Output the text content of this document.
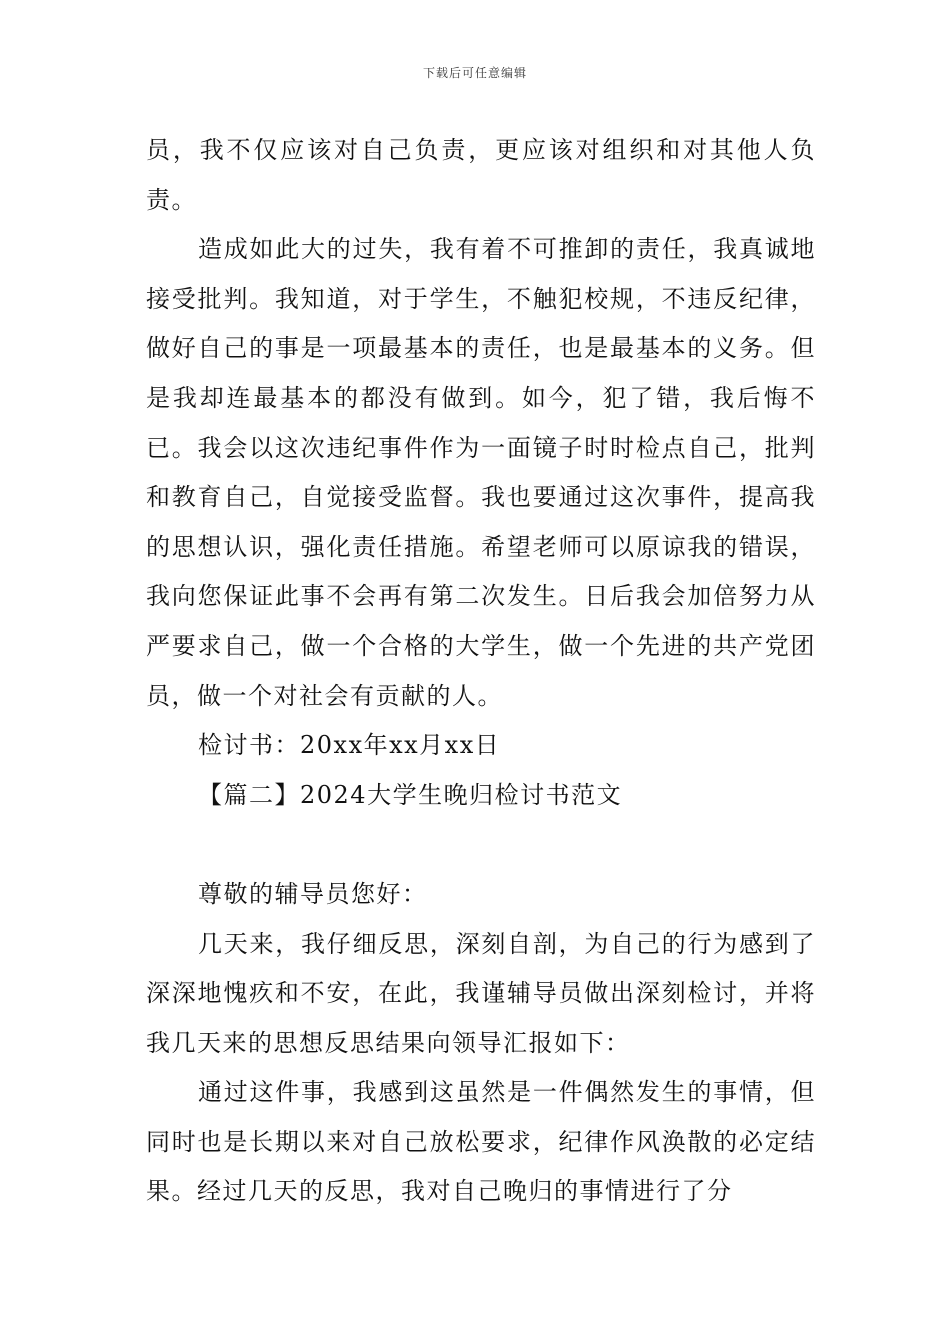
下载后可任意编辑

员，我不仅应该对自己负责，更应该对组织和对其他人负责。

造成如此大的过失，我有着不可推卸的责任，我真诚地接受批判。我知道，对于学生，不触犯校规，不违反纪律，做好自己的事是一项最基本的责任，也是最基本的义务。但是我却连最基本的都没有做到。如今，犯了错，我后悔不已。我会以这次违纪事件作为一面镜子时时检点自己，批判和教育自己，自觉接受监督。我也要通过这次事件，提高我的思想认识，强化责任措施。希望老师可以原谅我的错误，我向您保证此事不会再有第二次发生。日后我会加倍努力从严要求自己，做一个合格的大学生，做一个先进的共产党团员，做一个对社会有贡献的人。

检讨书：20xx年xx月xx日

【篇二】2024大学生晚归检讨书范文

尊敬的辅导员您好：

几天来，我仔细反思，深刻自剖，为自己的行为感到了深深地愧疚和不安，在此，我谨辅导员做出深刻检讨，并将我几天来的思想反思结果向领导汇报如下：

通过这件事，我感到这虽然是一件偶然发生的事情，但同时也是长期以来对自己放松要求，纪律作风涣散的必定结果。经过几天的反思，我对自己晚归的事情进行了分
